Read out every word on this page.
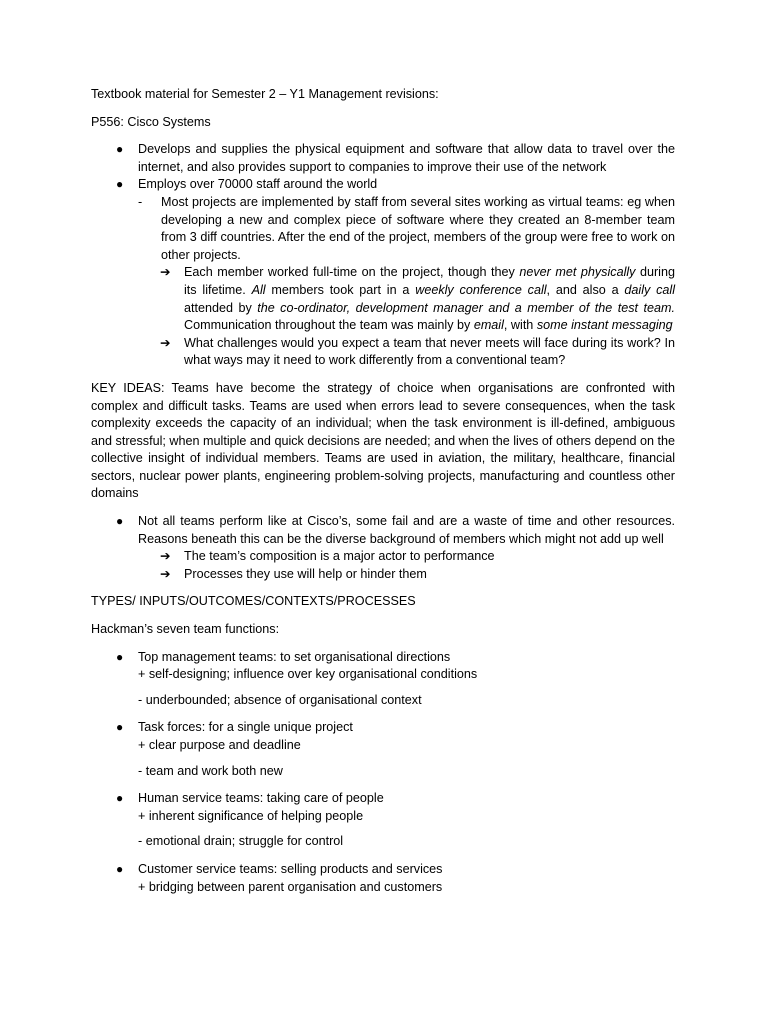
Textbook material for Semester 2 – Y1 Management revisions:

P556: Cisco Systems

● Develops and supplies the physical equipment and software that allow data to travel over the internet, and also provides support to companies to improve their use of the network
● Employs over 70000 staff around the world
- Most projects are implemented by staff from several sites working as virtual teams: eg when developing a new and complex piece of software where they created an 8-member team from 3 diff countries. After the end of the project, members of the group were free to work on other projects.
➔ Each member worked full-time on the project, though they never met physically during its lifetime. All members took part in a weekly conference call, and also a daily call attended by the co-ordinator, development manager and a member of the test team. Communication throughout the team was mainly by email, with some instant messaging
➔ What challenges would you expect a team that never meets will face during its work? In what ways may it need to work differently from a conventional team?

KEY IDEAS: Teams have become the strategy of choice when organisations are confronted with complex and difficult tasks. Teams are used when errors lead to severe consequences, when the task complexity exceeds the capacity of an individual; when the task environment is ill-defined, ambiguous and stressful; when multiple and quick decisions are needed; and when the lives of others depend on the collective insight of individual members. Teams are used in aviation, the military, healthcare, financial sectors, nuclear power plants, engineering problem-solving projects, manufacturing and countless other domains

● Not all teams perform like at Cisco’s, some fail and are a waste of time and other resources. Reasons beneath this can be the diverse background of members which might not add up well
➔ The team’s composition is a major actor to performance
➔ Processes they use will help or hinder them

TYPES/ INPUTS/OUTCOMES/CONTEXTS/PROCESSES

Hackman’s seven team functions:

● Top management teams: to set organisational directions
+ self-designing; influence over key organisational conditions
- underbounded; absence of organisational context
● Task forces: for a single unique project
+ clear purpose and deadline
- team and work both new
● Human service teams: taking care of people
+ inherent significance of helping people
- emotional drain; struggle for control
● Customer service teams: selling products and services
+ bridging between parent organisation and customers
